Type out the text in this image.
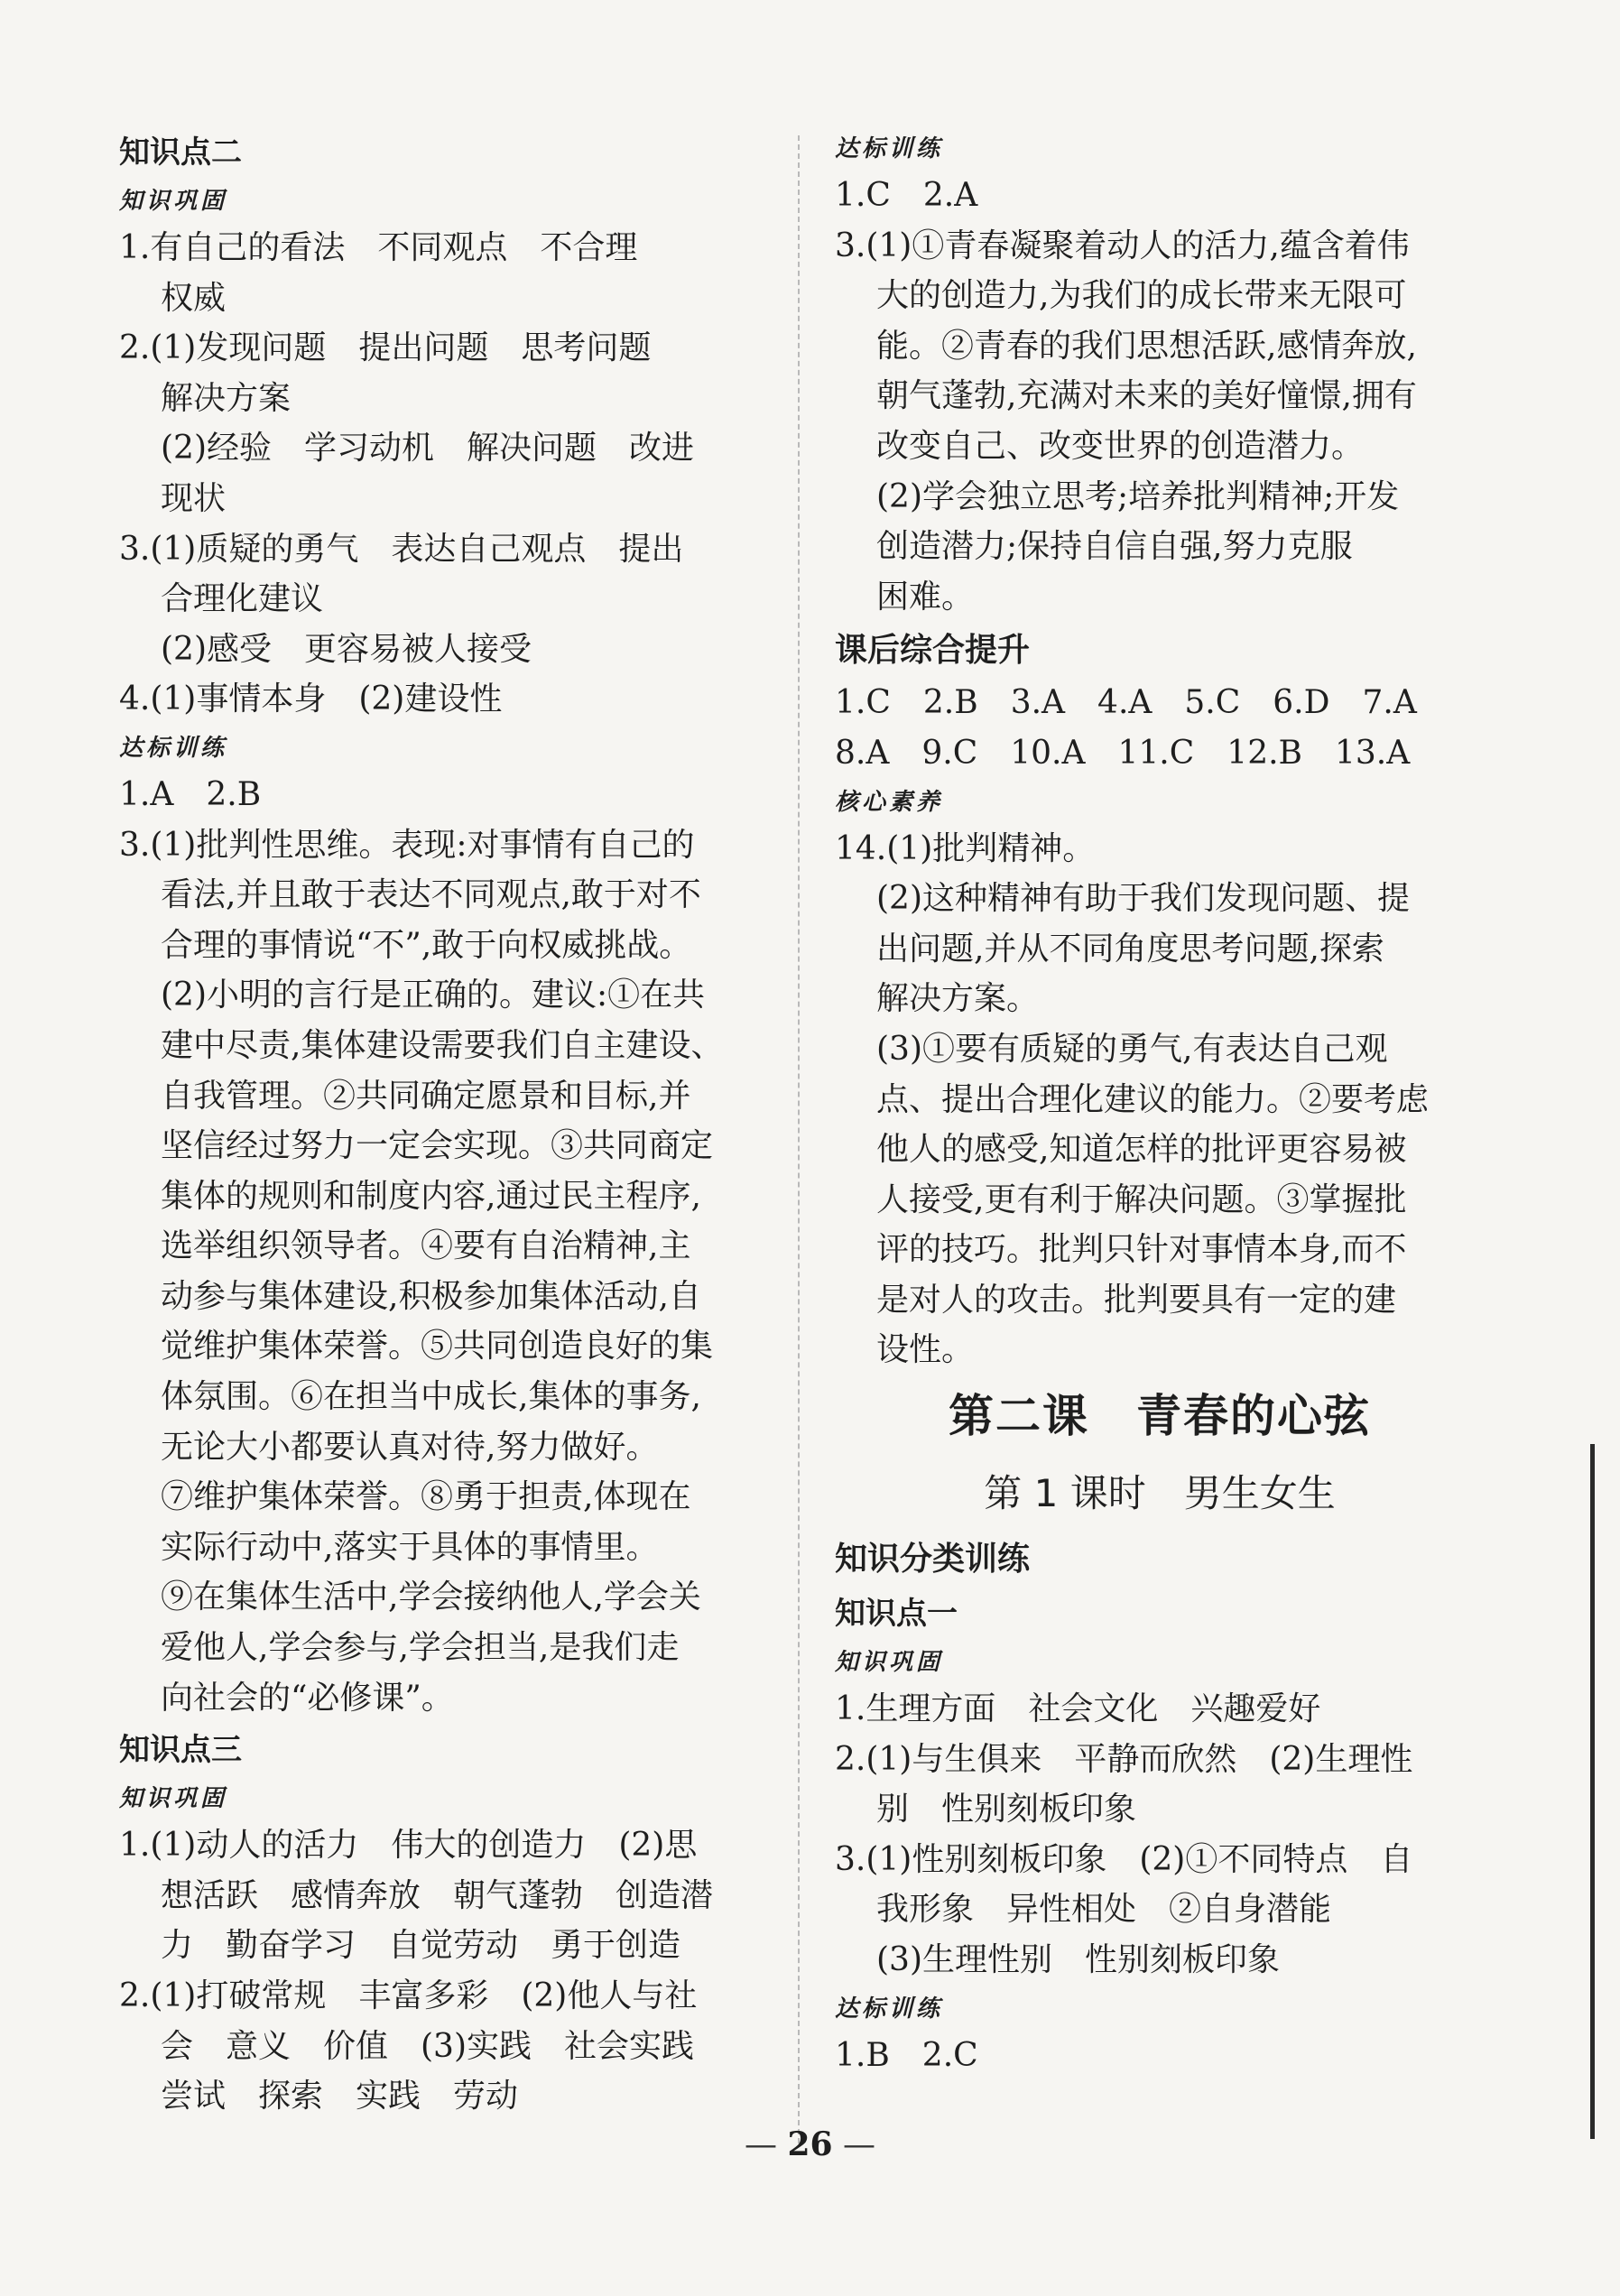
知识点二
知识巩固
1.有自己的看法　不同观点　不合理
权威
2.(1)发现问题　提出问题　思考问题
解决方案
(2)经验　学习动机　解决问题　改进
现状
3.(1)质疑的勇气　表达自己观点　提出
合理化建议
(2)感受　更容易被人接受
4.(1)事情本身　(2)建设性
达标训练
1.A　2.B
3.(1)批判性思维。表现:对事情有自己的
看法,并且敢于表达不同观点,敢于对不
合理的事情说“不”,敢于向权威挑战。
(2)小明的言行是正确的。建议:①在共
建中尽责,集体建设需要我们自主建设、
自我管理。②共同确定愿景和目标,并
坚信经过努力一定会实现。③共同商定
集体的规则和制度内容,通过民主程序,
选举组织领导者。④要有自治精神,主
动参与集体建设,积极参加集体活动,自
觉维护集体荣誉。⑤共同创造良好的集
体氛围。⑥在担当中成长,集体的事务,
无论大小都要认真对待,努力做好。
⑦维护集体荣誉。⑧勇于担责,体现在
实际行动中,落实于具体的事情里。
⑨在集体生活中,学会接纳他人,学会关
爱他人,学会参与,学会担当,是我们走
向社会的“必修课”。
知识点三
知识巩固
1.(1)动人的活力　伟大的创造力　(2)思
想活跃　感情奔放　朝气蓬勃　创造潜
力　勤奋学习　自觉劳动　勇于创造
2.(1)打破常规　丰富多彩　(2)他人与社
会　意义　价值　(3)实践　社会实践
尝试　探索　实践　劳动
达标训练
1.C　2.A
3.(1)①青春凝聚着动人的活力,蕴含着伟
大的创造力,为我们的成长带来无限可
能。②青春的我们思想活跃,感情奔放,
朝气蓬勃,充满对未来的美好憧憬,拥有
改变自己、改变世界的创造潜力。
(2)学会独立思考;培养批判精神;开发
创造潜力;保持自信自强,努力克服
困难。
课后综合提升
1.C　2.B　3.A　4.A　5.C　6.D　7.A
8.A　9.C　10.A　11.C　12.B　13.A
核心素养
14.(1)批判精神。
(2)这种精神有助于我们发现问题、提
出问题,并从不同角度思考问题,探索
解决方案。
(3)①要有质疑的勇气,有表达自己观
点、提出合理化建议的能力。②要考虑
他人的感受,知道怎样的批评更容易被
人接受,更有利于解决问题。③掌握批
评的技巧。批判只针对事情本身,而不
是对人的攻击。批判要具有一定的建
设性。
第二课　青春的心弦
第 1 课时　男生女生
知识分类训练
知识点一
知识巩固
1.生理方面　社会文化　兴趣爱好
2.(1)与生俱来　平静而欣然　(2)生理性
别　性别刻板印象
3.(1)性别刻板印象　(2)①不同特点　自
我形象　异性相处　②自身潜能
(3)生理性别　性别刻板印象
达标训练
1.B　2.C
— 26 —
